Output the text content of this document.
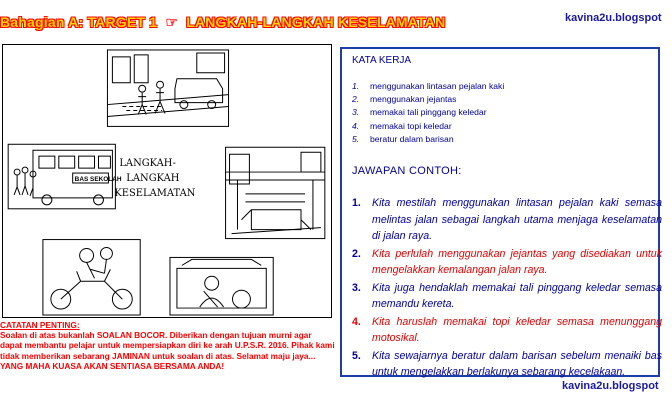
Bahagian A: TARGET 1 ☞ LANGKAH-LANGKAH KESELAMATAN	kavina2u.blogspot
LANGKAH-
LANGKAH
KESELAMATAN
BAS SEKOLAH
CATATAN PENTING:
Soalan di atas bukanlah SOALAN BOCOR. Diberikan dengan tujuan murni agar dapat membantu pelajar untuk mempersiapkan diri ke arah U.P.S.R. 2016. Pihak kami tidak memberikan sebarang JAMINAN untuk soalan di atas. Selamat maju jaya... YANG MAHA KUASA AKAN SENTIASA BERSAMA ANDA!
KATA KERJA
1. menggunakan lintasan pejalan kaki
2. menggunakan jejantas
3. memakai tali pinggang keledar
4. memakai topi keledar
5. beratur dalam barisan
JAWAPAN CONTOH:
1.	Kita mestilah menggunakan lintasan pejalan kaki semasa melintas jalan sebagai langkah utama menjaga keselamatan di jalan raya.
2.	Kita perlulah menggunakan jejantas yang disediakan untuk mengelakkan kemalangan jalan raya.
3.	Kita juga hendaklah memakai tali pinggang keledar semasa memandu kereta.
4.	Kita haruslah memakai topi keledar semasa menunggang motosikal.
5.	Kita sewajarnya beratur dalam barisan sebelum menaiki bas untuk mengelakkan berlakunya sebarang kecelakaan.
kavina2u.blogspot
